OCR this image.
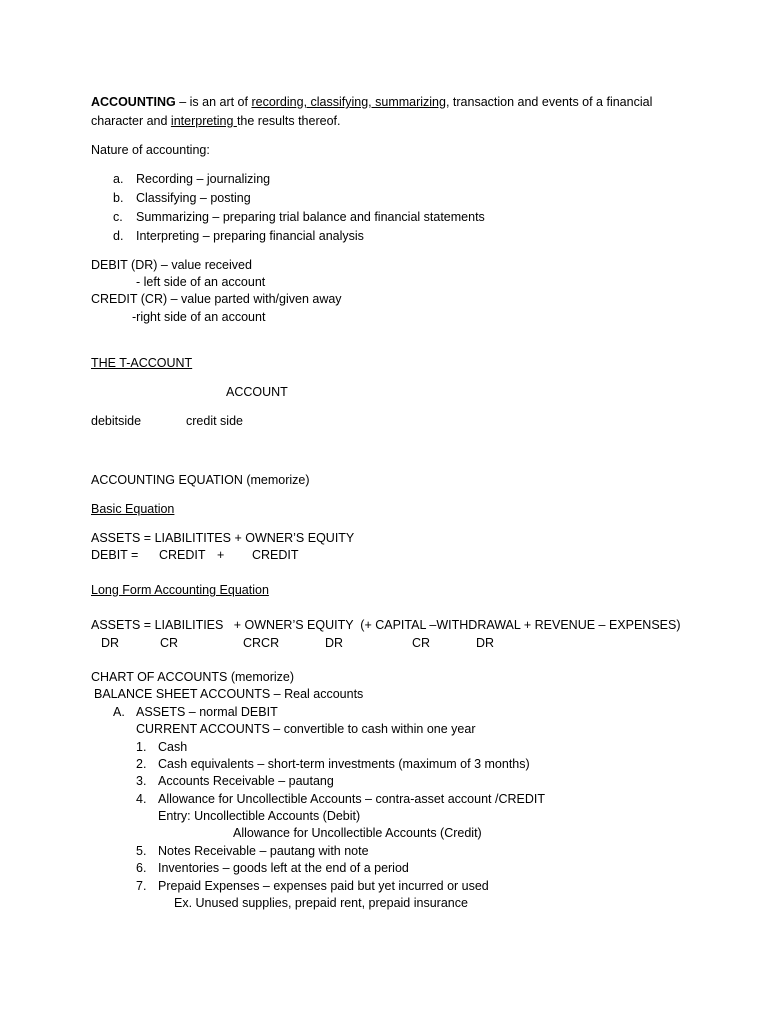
ACCOUNTING – is an art of recording, classifying, summarizing, transaction and events of a financial
character and interpreting the results thereof.
Nature of accounting:
a. Recording – journalizing
b. Classifying – posting
c. Summarizing – preparing trial balance and financial statements
d. Interpreting – preparing financial analysis
DEBIT (DR) – value received
- left side of an account
CREDIT (CR) – value parted with/given away
-right side of an account
THE T-ACCOUNT
ACCOUNT
debitside	credit side
ACCOUNTING EQUATION (memorize)
Basic Equation
ASSETS = LIABILITITES + OWNER’S EQUITY
DEBIT = CREDIT + CREDIT
Long Form Accounting Equation
ASSETS = LIABILITIES   + OWNER’S EQUITY  (+ CAPITAL –WITHDRAWAL + REVENUE – EXPENSES)
DR	CR	CRCR	DR	CR	DR
CHART OF ACCOUNTS (memorize)
BALANCE SHEET ACCOUNTS – Real accounts
A. ASSETS – normal DEBIT
CURRENT ACCOUNTS – convertible to cash within one year
1. Cash
2. Cash equivalents – short-term investments (maximum of 3 months)
3. Accounts Receivable – pautang
4. Allowance for Uncollectible Accounts – contra-asset account /CREDIT
Entry: Uncollectible Accounts (Debit)
Allowance for Uncollectible Accounts (Credit)
5. Notes Receivable – pautang with note
6. Inventories – goods left at the end of a period
7. Prepaid Expenses – expenses paid but yet incurred or used
Ex. Unused supplies, prepaid rent, prepaid insurance
